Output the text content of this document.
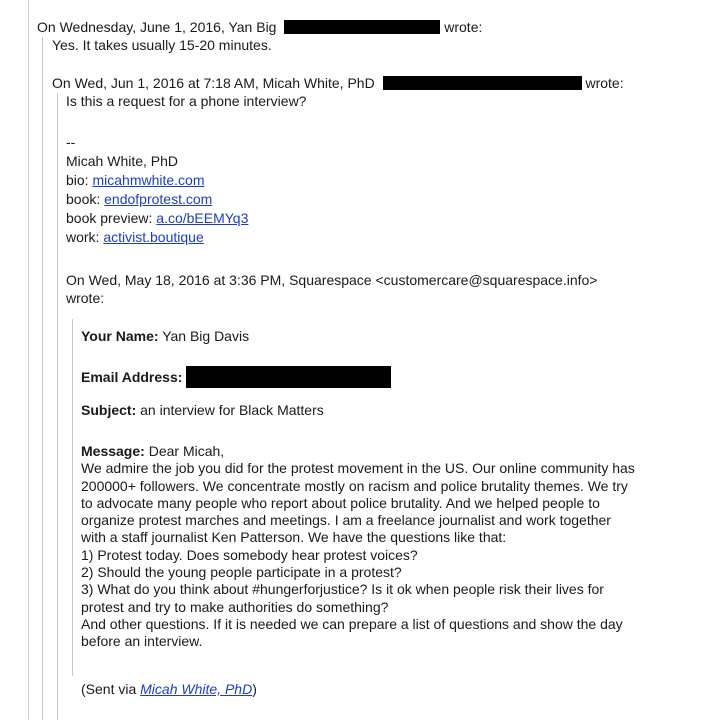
On Wednesday, June 1, 2016, Yan Big	wrote:
Yes. It takes usually 15-20 minutes.
On Wed, Jun 1, 2016 at 7:18 AM, Micah White, PhD	wrote:
Is this a request for a phone interview?
--
Micah White, PhD
bio: micahmwhite.com
book: endofprotest.com
book preview: a.co/bEEMYq3
work: activist.boutique
On Wed, May 18, 2016 at 3:36 PM, Squarespace <customercare@squarespace.info>
wrote:
Your Name: Yan Big Davis
Email Address:
Subject: an interview for Black Matters
Message: Dear Micah,
We admire the job you did for the protest movement in the US. Our online community has
200000+ followers. We concentrate mostly on racism and police brutality themes. We try
to advocate many people who report about police brutality. And we helped people to
organize protest marches and meetings. I am a freelance journalist and work together
with a staff journalist Ken Patterson. We have the questions like that:
1) Protest today. Does somebody hear protest voices?
2) Should the young people participate in a protest?
3) What do you think about #hungerforjustice? Is it ok when people risk their lives for
protest and try to make authorities do something?
And other questions. If it is needed we can prepare a list of questions and show the day
before an interview.
(Sent via Micah White, PhD)
